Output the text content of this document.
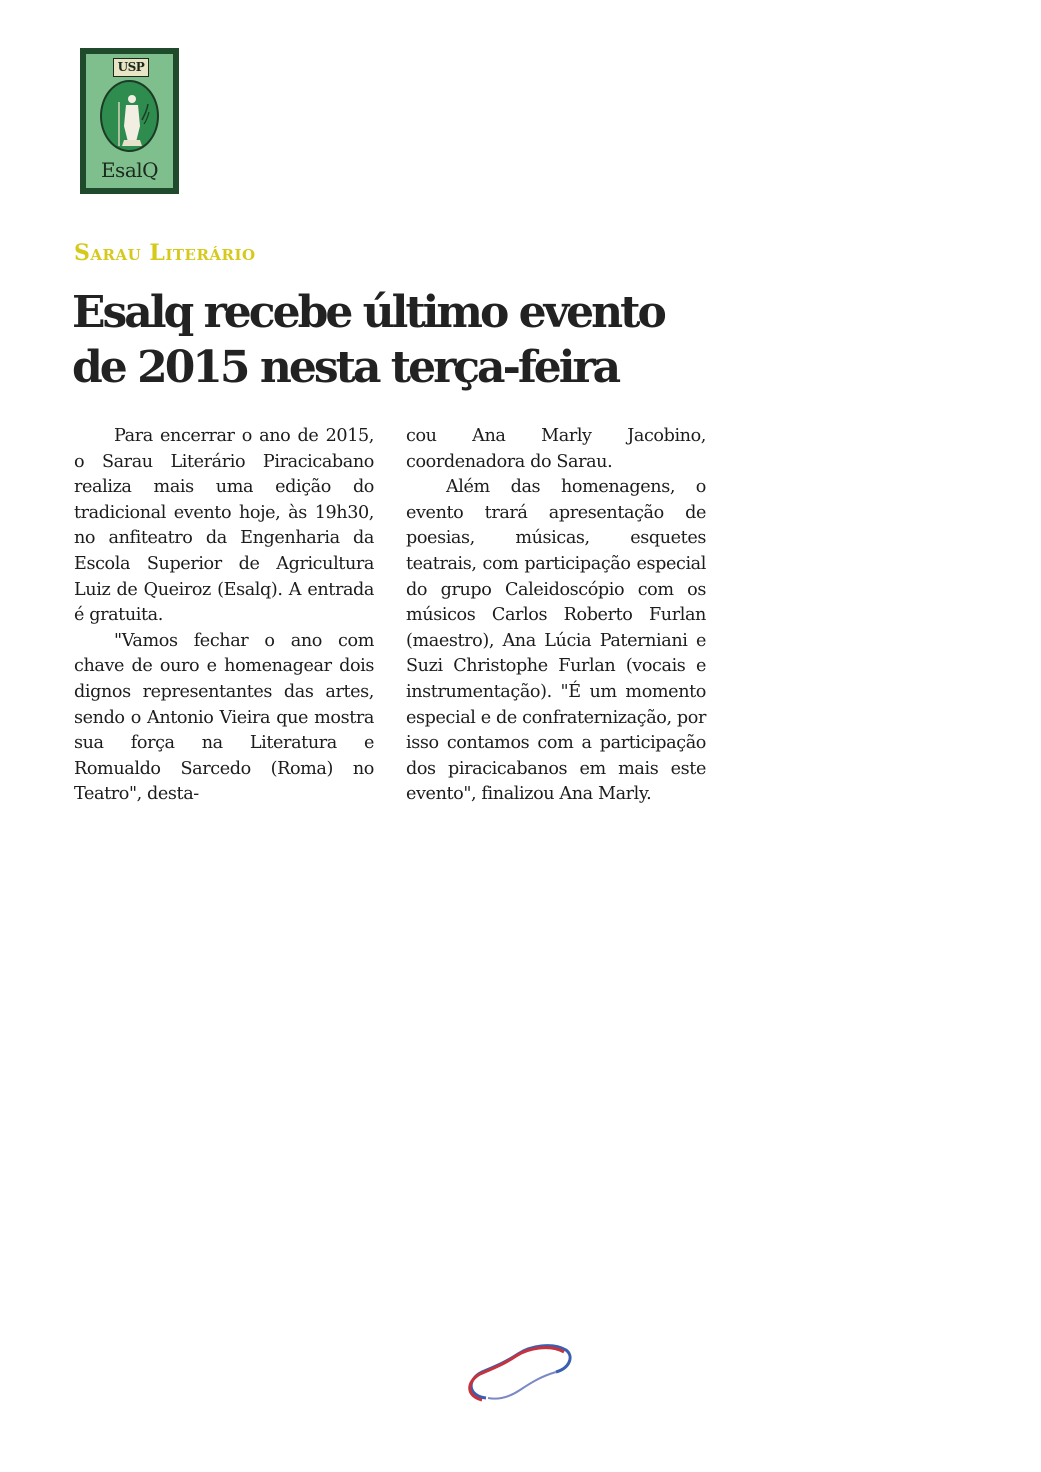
USP
EsalQ
Sarau Literário
Esalq recebe último evento de 2015 nesta terça-feira

Para encerrar o ano de 2015, o Sarau Literário Piracicabano realiza mais uma edição do tradicional evento hoje, às 19h30, no anfiteatro da Engenharia da Escola Superior de Agricultura Luiz de Queiroz (Esalq). A entrada é gratuita.

"Vamos fechar o ano com chave de ouro e homenagear dois dignos representantes das artes, sendo o Antonio Vieira que mostra sua força na Literatura e Romualdo Sarcedo (Roma) no Teatro", desta-

cou Ana Marly Jacobino, coordenadora do Sarau.

Além das homenagens, o evento trará apresentação de poesias, músicas, esquetes teatrais, com participação especial do grupo Caleidoscópio com os músicos Carlos Roberto Furlan (maestro), Ana Lúcia Paterniani e Suzi Christophe Furlan (vocais e instrumentação). "É um momento especial e de confraternização, por isso contamos com a participação dos piracicabanos em mais este evento", finalizou Ana Marly.
